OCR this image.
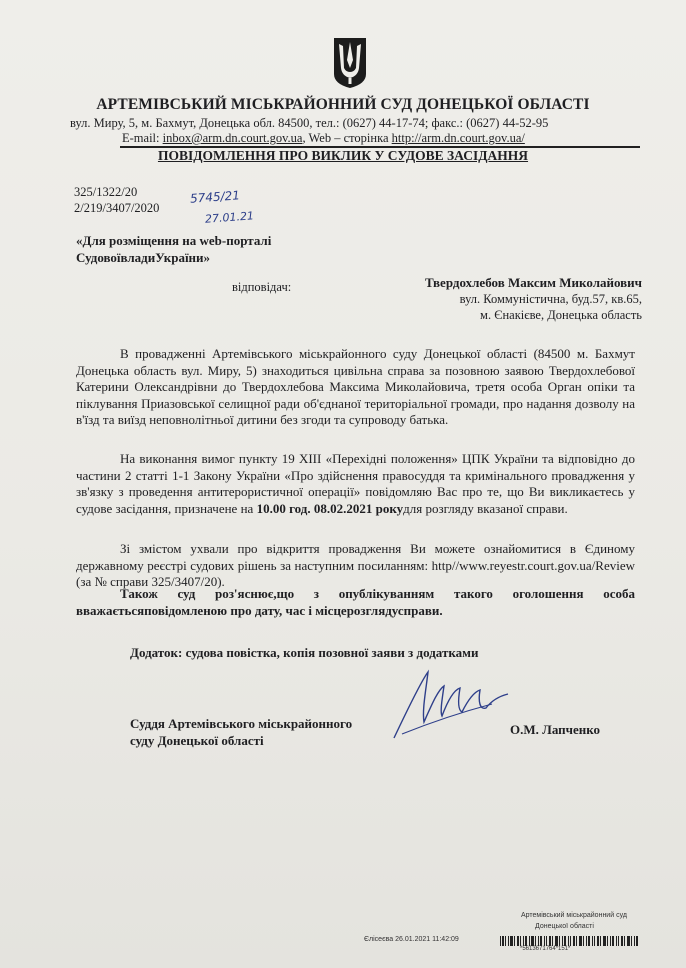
АРТЕМІВСЬКИЙ МІСЬКРАЙОННИЙ СУД ДОНЕЦЬКОЇ ОБЛАСТІ
вул. Миру, 5, м. Бахмут, Донецька обл. 84500, тел.: (0627) 44-17-74; факс.: (0627) 44-52-95
E-mail: inbox@arm.dn.court.gov.ua, Web – сторінка http://arm.dn.court.gov.ua/
ПОВІДОМЛЕННЯ ПРО ВИКЛИК У СУДОВЕ ЗАСІДАННЯ
325/1322/20
2/219/3407/2020
5745/21
27.01.21
«Для розміщення на web-порталі СудовоївладиУкраїни»
відповідач:	Твердохлебов Максим Миколайович
вул. Коммуністична, буд.57, кв.65,
м. Єнакієве, Донецька область
В провадженні Артемівського міськрайонного суду Донецької області (84500 м. Бахмут Донецька область вул. Миру, 5) знаходиться цивільна справа за позовною заявою Твердохлебової Катерини Олександрівни до Твердохлебова Максима Миколайовича, третя особа Орган опіки та піклування Приазовської селищної ради об'єднаної територіальної громади, про надання дозволу на в'їзд та виїзд неповнолітньої дитини без згоди та супроводу батька.
На виконання вимог пункту 19 ХІІІ «Перехідні положення» ЦПК України та відповідно до частини 2 статті 1-1 Закону України «Про здійснення правосуддя та кримінального провадження у зв'язку з проведення антитерористичної операції» повідомляю Вас про те, що Ви викликаєтесь у судове засідання, призначене на 10.00 год. 08.02.2021 рокудля розгляду вказаної справи.
Зі змістом ухвали про відкриття провадження Ви можете ознайомитися в Єдиному державному реєстрі судових рішень за наступним посиланням: http//www.reyestr.court.gov.ua/Review (за № справи 325/3407/20).
Також суд роз'яснює,що з опублікуванням такого оголошення особа вважаєтьсяповідомленою про дату, час і місцерозглядусправи.
Додаток: судова повістка, копія позовної заяви з додатками
Суддя Артемівського міськрайонного
суду Донецької області
О.М. Лапченко
Артемівський міськрайонний суд
Донецької області
Єлісеєва 26.01.2021 11:42:09
*5613671764*151*
